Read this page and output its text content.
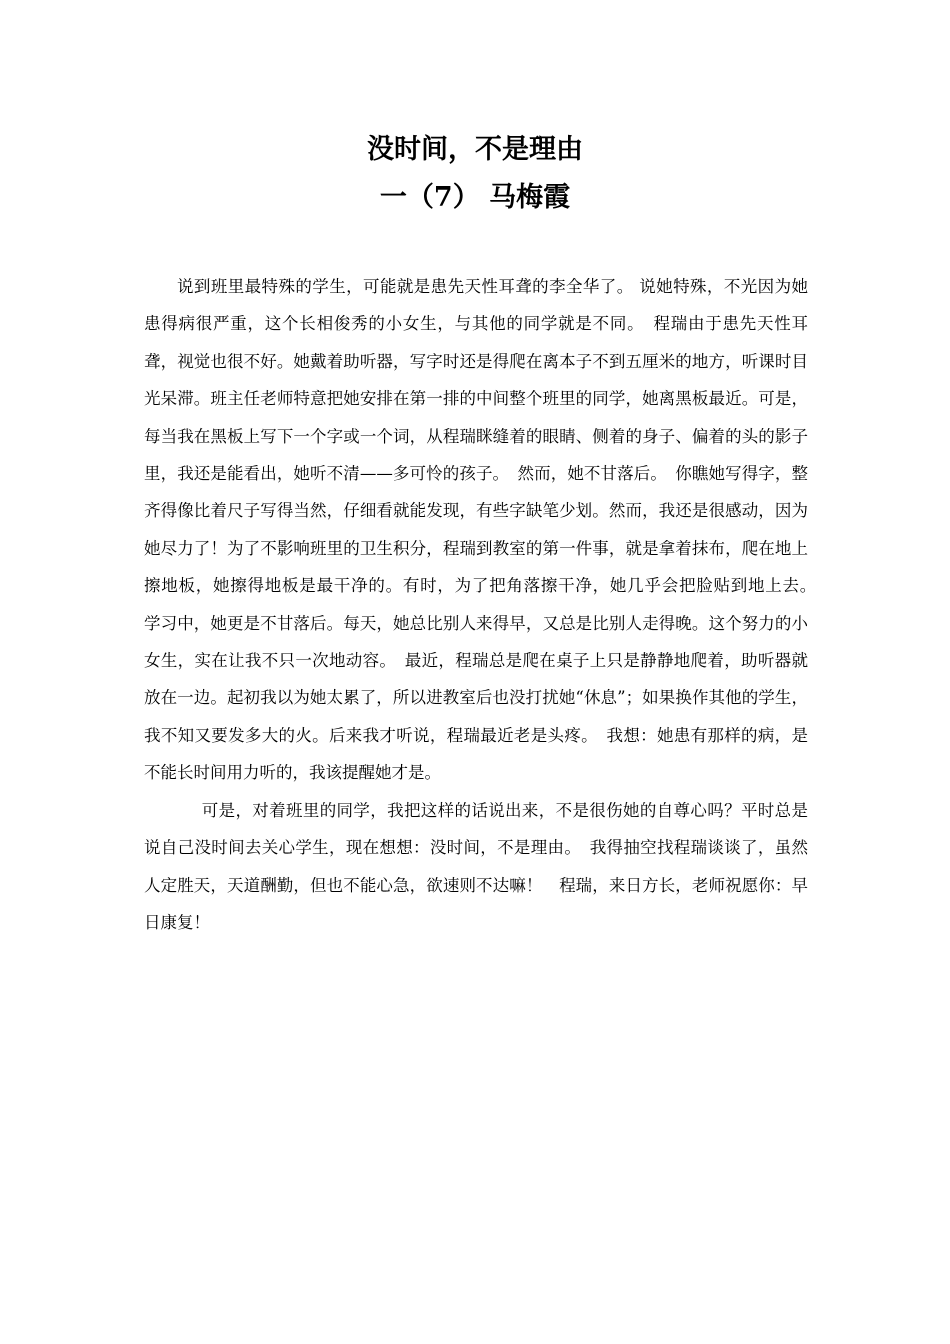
没时间，不是理由
一（7） 马梅霞

说到班里最特殊的学生，可能就是患先天性耳聋的李全华了。 说她特殊，不光因为她患得病很严重，这个长相俊秀的小女生，与其他的同学就是不同。　程瑞由于患先天性耳聋，视觉也很不好。她戴着助听器，写字时还是得爬在离本子不到五厘米的地方，听课时目光呆滞。班主任老师特意把她安排在第一排的中间整个班里的同学，她离黑板最近。可是，每当我在黑板上写下一个字或一个词，从程瑞眯缝着的眼睛、侧着的身子、偏着的头的影子里，我还是能看出，她听不清——多可怜的孩子。　然而，她不甘落后。　你瞧她写得字，整齐得像比着尺子写得当然，仔细看就能发现，有些字缺笔少划。然而，我还是很感动，因为她尽力了！为了不影响班里的卫生积分，程瑞到教室的第一件事，就是拿着抹布，爬在地上擦地板，她擦得地板是最干净的。有时，为了把角落擦干净，她几乎会把脸贴到地上去。　学习中，她更是不甘落后。每天，她总比别人来得早，又总是比别人走得晚。这个努力的小女生，实在让我不只一次地动容。　最近，程瑞总是爬在桌子上只是静静地爬着，助听器就放在一边。起初我以为她太累了，所以进教室后也没打扰她“休息”；如果换作其他的学生，我不知又要发多大的火。后来我才听说，程瑞最近老是头疼。　我想：她患有那样的病，是不能长时间用力听的，我该提醒她才是。

可是，对着班里的同学，我把这样的话说出来，不是很伤她的自尊心吗？平时总是说自己没时间去关心学生，现在想想：没时间，不是理由。　我得抽空找程瑞谈谈了，虽然人定胜天，天道酬勤，但也不能心急，欲速则不达嘛！　程瑞，来日方长，老师祝愿你：早日康复！
